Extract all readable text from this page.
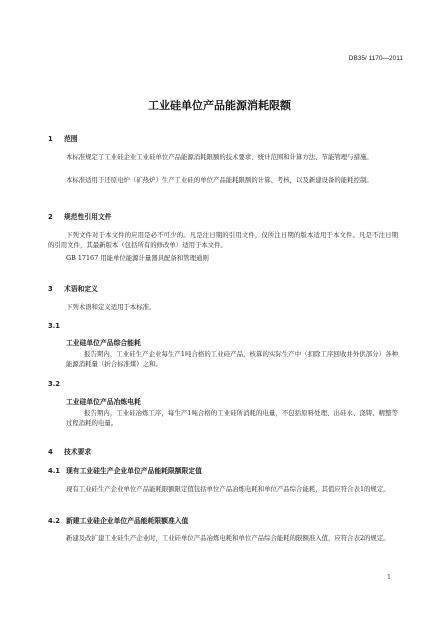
DB35/ 1170—2011
工业硅单位产品能源消耗限额
1 范围
本标准规定了工业硅企业工业硅单位产品能源消耗限额的技术要求、统计范围和计算方法、节能管理与措施。
本标准适用于还原电炉（矿热炉）生产工业硅的单位产品能耗限额的计算、考核，以及新建设备的能耗控制。
2 规范性引用文件
下列文件对于本文件的应用是必不可少的。凡是注日期的引用文件，仅所注日期的版本适用于本文件。凡是不注日期的引用文件，其最新版本（包括所有的修改单）适用于本文件。
GB 17167 用能单位能源计量器具配备和管理通则
3 术语和定义
下列术语和定义适用于本标准。
3.1
工业硅单位产品综合能耗
报告期内，工业硅生产企业每生产1吨合格的工业硅产品，核算的实际生产中（扣除工序回收并外供部分）各种能源消耗量（折合标准煤）之和。
3.2
工业硅单位产品冶炼电耗
报告期内，工业硅冶炼工序，每生产1吨合格的工业硅所消耗的电量，不包括原料处理、出硅水、浇铸、精整等过程消耗的电量。
4 技术要求
4.1 现有工业硅生产企业单位产品能耗限额限定值
现有工业硅生产企业单位产品能耗限额限定值包括单位产品冶炼电耗和单位产品综合能耗，其值应符合表1的规定。
4.2 新建工业硅企业单位产品能耗限额准入值
新建及改扩建工业硅生产企业时，工业硅单位产品冶炼电耗和单位产品综合能耗的限额准入值，应符合表2的规定。
1
